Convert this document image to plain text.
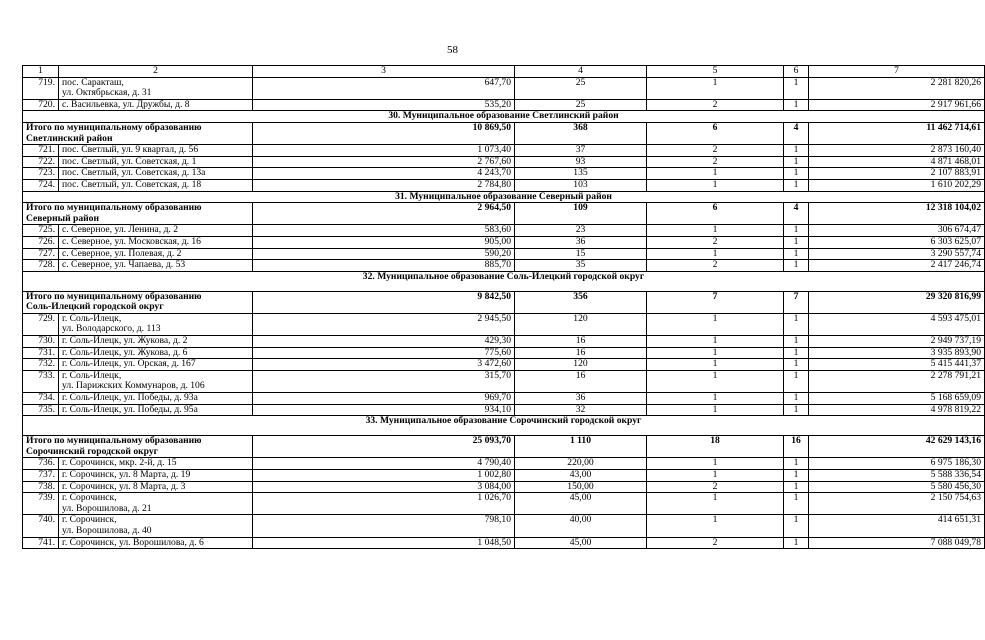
58
1	2	3	4	5	6	7
719.	пос. Саракташ,
ул. Октябрьская, д. 31	647,70	25	1	1	2 281 820,26
720.	с. Васильевка, ул. Дружбы, д. 8	535,20	25	2	1	2 917 961,66
30. Муниципальное образование Светлинский район						
Итого по муниципальному образованию
Светлинский район		10 869,50	368	6	4	11 462 714,61
721.	пос. Светлый, ул. 9 квартал, д. 56	1 073,40	37	2	1	2 873 160,40
722.	пос. Светлый, ул. Советская, д. 1	2 767,60	93	2	1	4 871 468,01
723.	пос. Светлый, ул. Советская, д. 13а	4 243,70	135	1	1	2 107 883,91
724.	пос. Светлый, ул. Советская, д. 18	2 784,80	103	1	1	1 610 202,29
31. Муниципальное образование Северный район						
Итого по муниципальному образованию
Северный район		2 964,50	109	6	4	12 318 104,02
725.	с. Северное, ул. Ленина, д. 2	583,60	23	1	1	306 674,47
726.	с. Северное, ул. Московская, д. 16	905,00	36	2	1	6 303 625,07
727.	с. Северное, ул. Полевая, д. 2	590,20	15	1	1	3 290 557,74
728.	с. Северное, ул. Чапаева, д. 53	885,70	35	2	1	2 417 246,74
32. Муниципальное образование Соль-Илецкий городской округ						
Итого по муниципальному образованию
Соль-Илецкий городской округ		9 842,50	356	7	7	29 320 816,99
729.	г. Соль-Илецк,
ул. Володарского, д. 113	2 945,50	120	1	1	4 593 475,01
730.	г. Соль-Илецк, ул. Жукова, д. 2	429,30	16	1	1	2 949 737,19
731.	г. Соль-Илецк, ул. Жукова, д. 6	775,60	16	1	1	3 935 893,90
732.	г. Соль-Илецк, ул. Орская, д. 167	3 472,60	120	1	1	5 415 441,37
733.	г. Соль-Илецк,
ул. Парижских Коммунаров, д. 106	315,70	16	1	1	2 278 791,21
734.	г. Соль-Илецк, ул. Победы, д. 93а	969,70	36	1	1	5 168 659,09
735.	г. Соль-Илецк, ул. Победы, д. 95а	934,10	32	1	1	4 978 819,22
33. Муниципальное образование Сорочинский городской округ						
Итого по муниципальному образованию
Сорочинский городской округ		25 093,70	1 110	18	16	42 629 143,16
736.	г. Сорочинск, мкр. 2-й, д. 15	4 790,40	220,00	1	1	6 975 186,30
737.	г. Сорочинск, ул. 8 Марта, д. 19	1 002,80	43,00	1	1	5 588 336,54
738.	г. Сорочинск, ул. 8 Марта, д. 3	3 084,00	150,00	2	1	5 580 456,30
739.	г. Сорочинск,
ул. Ворошилова, д. 21	1 026,70	45,00	1	1	2 150 754,63
740.	г. Сорочинск,
ул. Ворошилова, д. 40	798,10	40,00	1	1	414 651,31
741.	г. Сорочинск, ул. Ворошилова, д. 6	1 048,50	45,00	2	1	7 088 049,78
